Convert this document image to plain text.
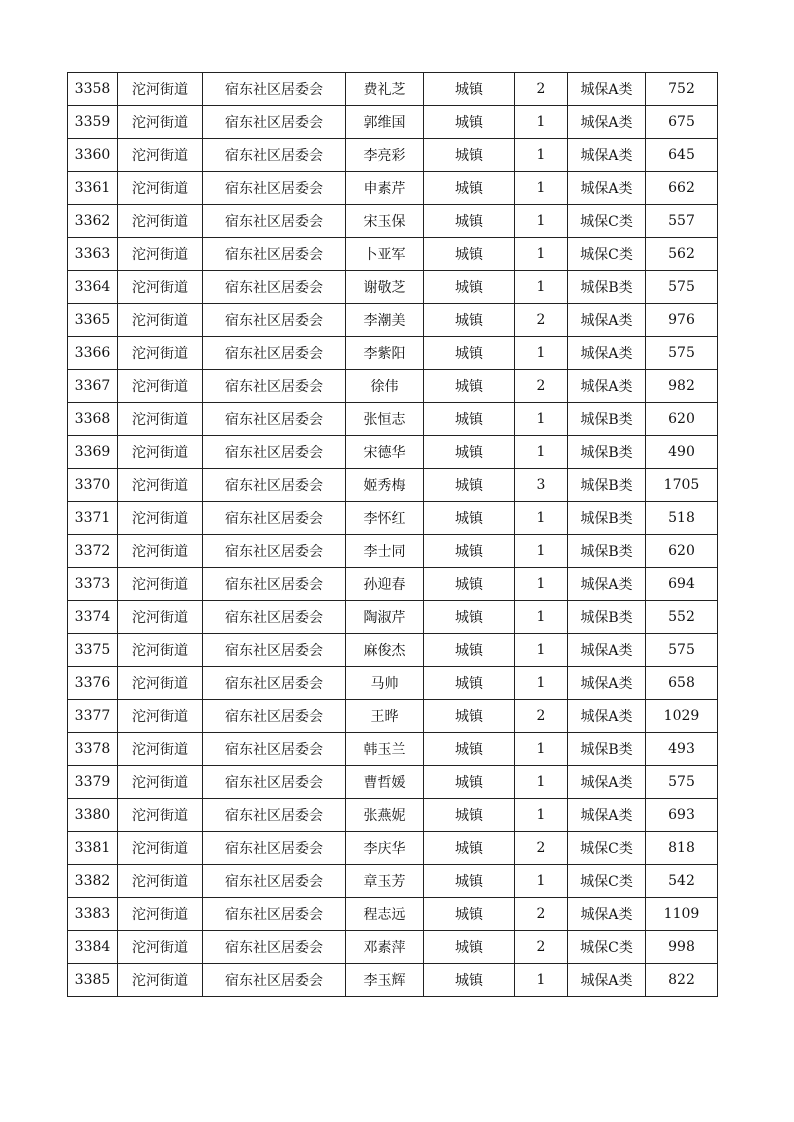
3358	沱河街道	宿东社区居委会	费礼芝	城镇	2	城保A类	752
3359	沱河街道	宿东社区居委会	郭维国	城镇	1	城保A类	675
3360	沱河街道	宿东社区居委会	李亮彩	城镇	1	城保A类	645
3361	沱河街道	宿东社区居委会	申素芹	城镇	1	城保A类	662
3362	沱河街道	宿东社区居委会	宋玉保	城镇	1	城保C类	557
3363	沱河街道	宿东社区居委会	卜亚军	城镇	1	城保C类	562
3364	沱河街道	宿东社区居委会	谢敬芝	城镇	1	城保B类	575
3365	沱河街道	宿东社区居委会	李潮美	城镇	2	城保A类	976
3366	沱河街道	宿东社区居委会	李紫阳	城镇	1	城保A类	575
3367	沱河街道	宿东社区居委会	徐伟	城镇	2	城保A类	982
3368	沱河街道	宿东社区居委会	张恒志	城镇	1	城保B类	620
3369	沱河街道	宿东社区居委会	宋德华	城镇	1	城保B类	490
3370	沱河街道	宿东社区居委会	姬秀梅	城镇	3	城保B类	1705
3371	沱河街道	宿东社区居委会	李怀红	城镇	1	城保B类	518
3372	沱河街道	宿东社区居委会	李士同	城镇	1	城保B类	620
3373	沱河街道	宿东社区居委会	孙迎春	城镇	1	城保A类	694
3374	沱河街道	宿东社区居委会	陶淑芹	城镇	1	城保B类	552
3375	沱河街道	宿东社区居委会	麻俊杰	城镇	1	城保A类	575
3376	沱河街道	宿东社区居委会	马帅	城镇	1	城保A类	658
3377	沱河街道	宿东社区居委会	王晔	城镇	2	城保A类	1029
3378	沱河街道	宿东社区居委会	韩玉兰	城镇	1	城保B类	493
3379	沱河街道	宿东社区居委会	曹哲媛	城镇	1	城保A类	575
3380	沱河街道	宿东社区居委会	张燕妮	城镇	1	城保A类	693
3381	沱河街道	宿东社区居委会	李庆华	城镇	2	城保C类	818
3382	沱河街道	宿东社区居委会	章玉芳	城镇	1	城保C类	542
3383	沱河街道	宿东社区居委会	程志远	城镇	2	城保A类	1109
3384	沱河街道	宿东社区居委会	邓素萍	城镇	2	城保C类	998
3385	沱河街道	宿东社区居委会	李玉辉	城镇	1	城保A类	822
